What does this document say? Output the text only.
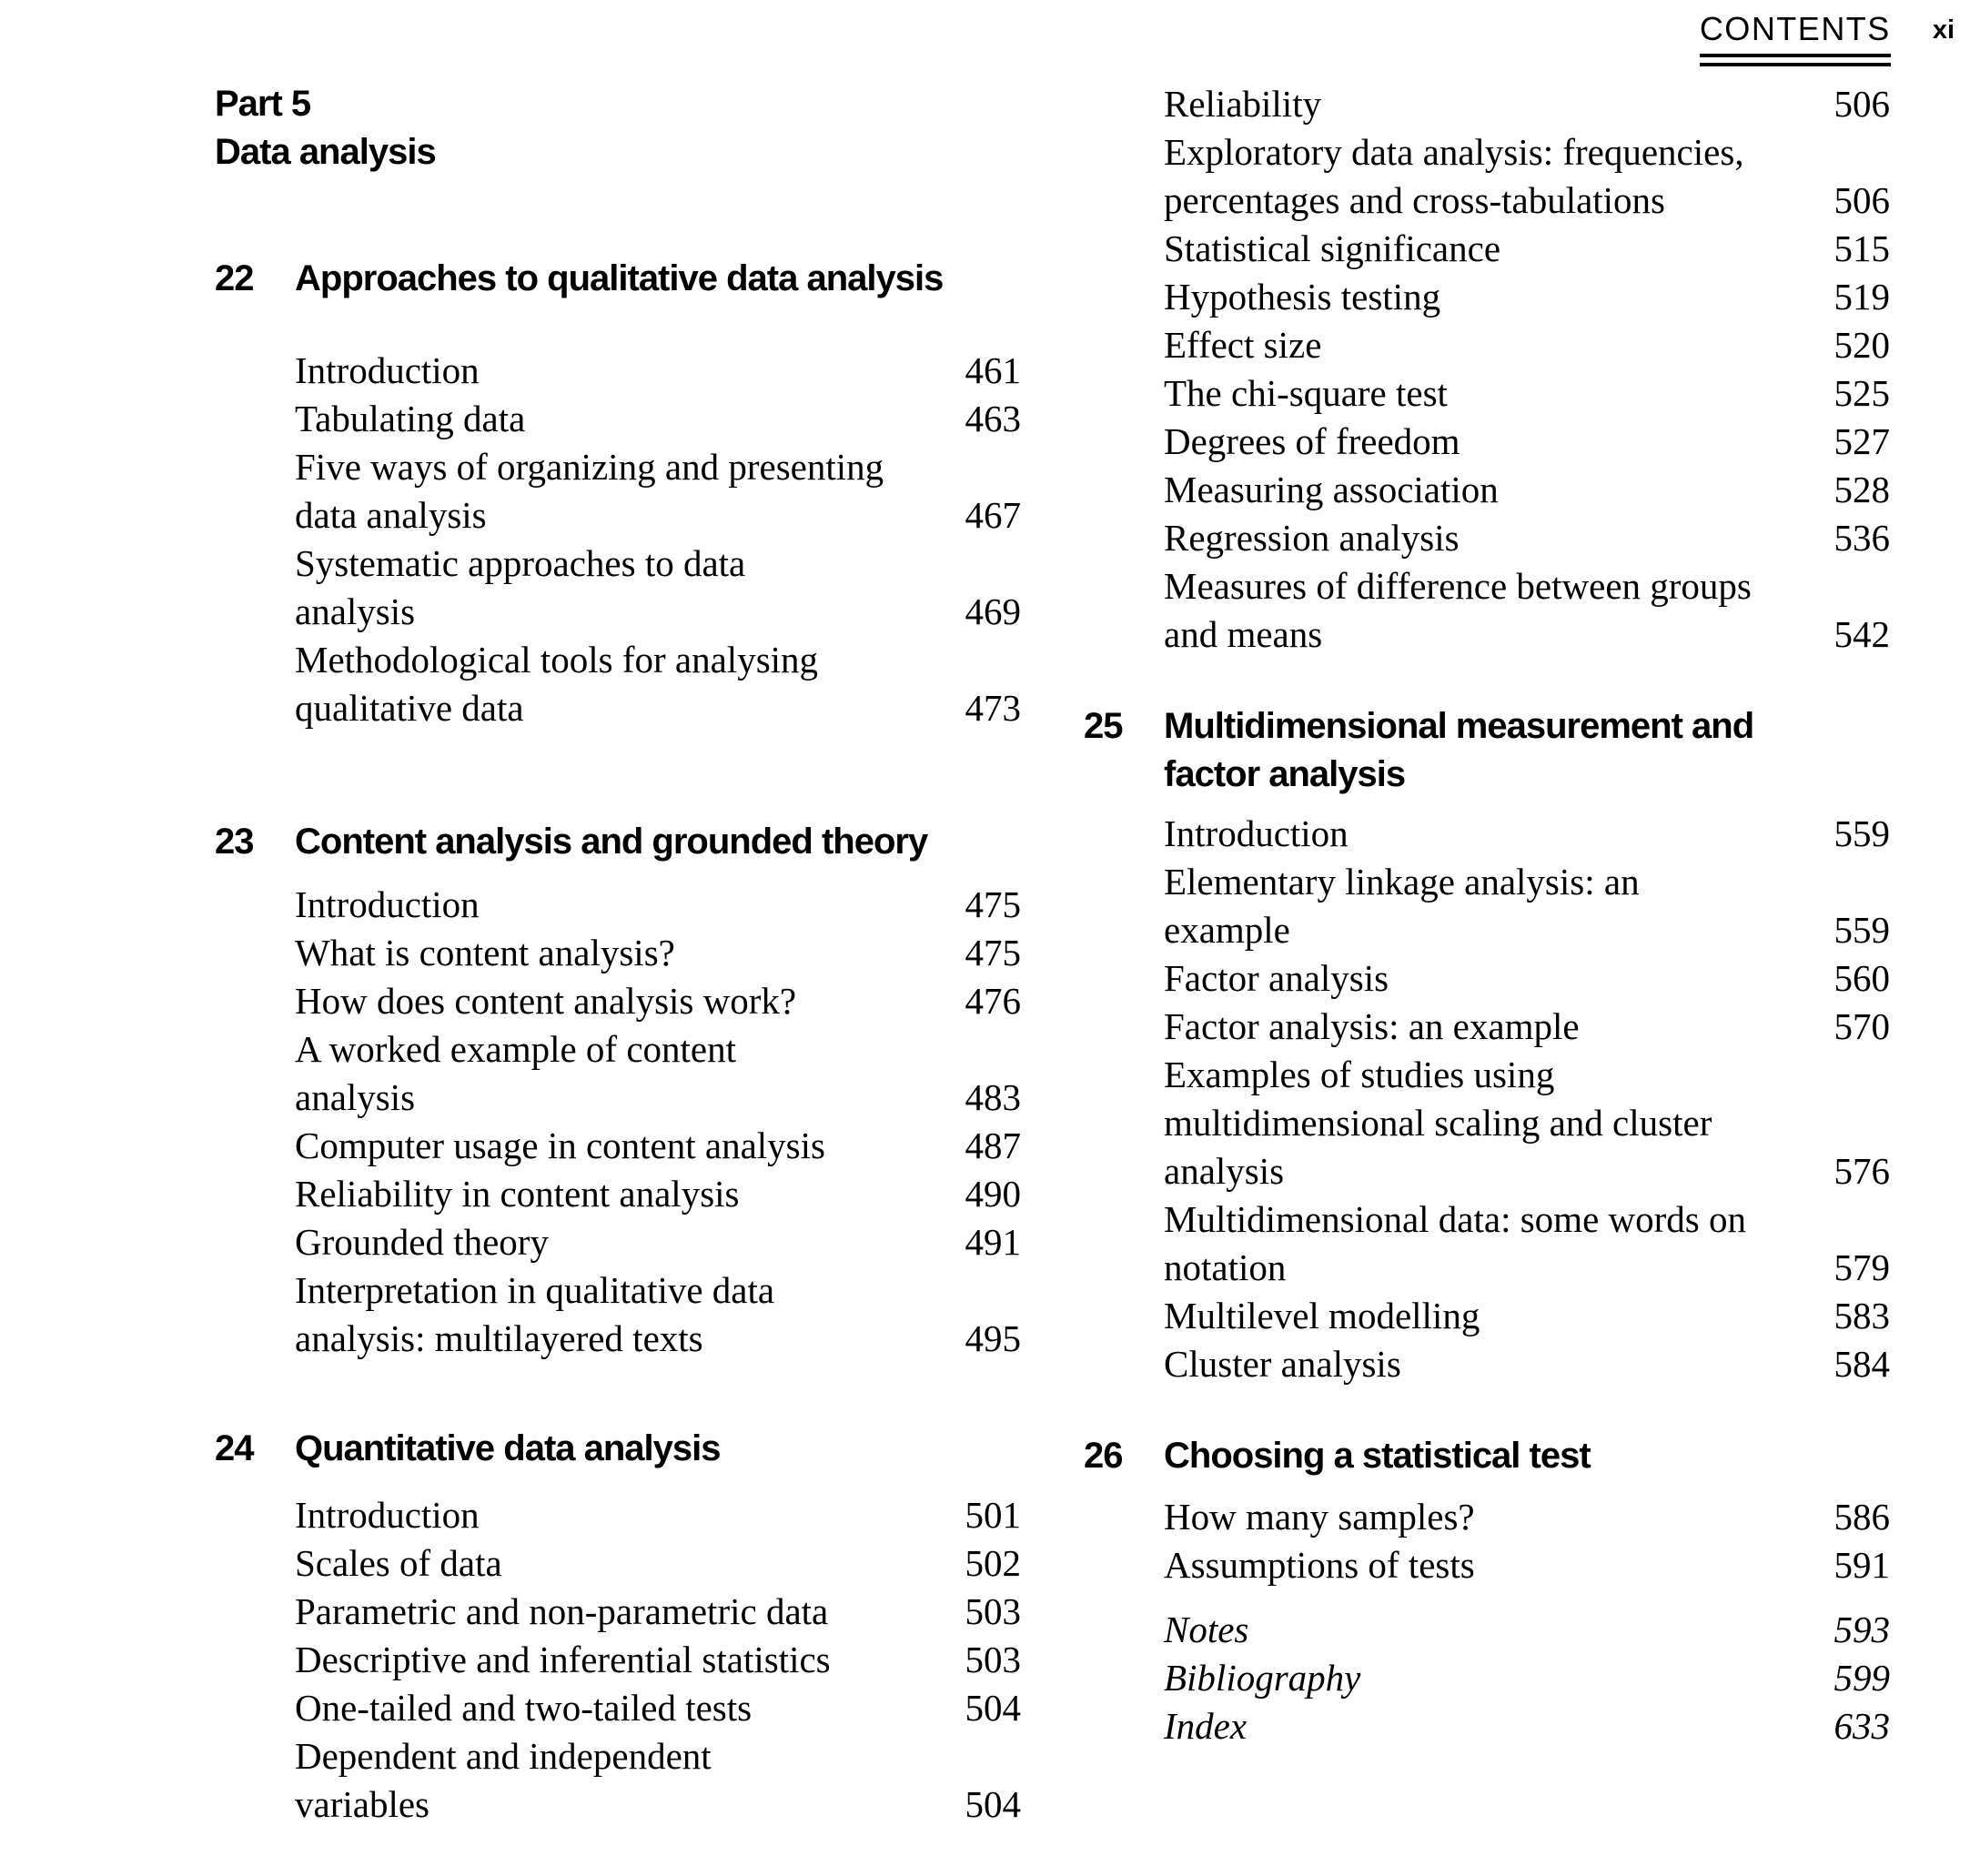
CONTENTS xi
Part 5
Data analysis
22	Approaches to qualitative data analysis
Introduction	461
Tabulating data	463
Five ways of organizing and presenting
data analysis	467
Systematic approaches to data
analysis	469
Methodological tools for analysing
qualitative data	473
23	Content analysis and grounded theory
Introduction	475
What is content analysis?	475
How does content analysis work?	476
A worked example of content
analysis	483
Computer usage in content analysis	487
Reliability in content analysis	490
Grounded theory	491
Interpretation in qualitative data
analysis: multilayered texts	495
24	Quantitative data analysis
Introduction	501
Scales of data	502
Parametric and non-parametric data	503
Descriptive and inferential statistics	503
One-tailed and two-tailed tests	504
Dependent and independent
variables	504
Reliability	506
Exploratory data analysis: frequencies,
percentages and cross-tabulations	506
Statistical significance	515
Hypothesis testing	519
Effect size	520
The chi-square test	525
Degrees of freedom	527
Measuring association	528
Regression analysis	536
Measures of difference between groups
and means	542
25	Multidimensional measurement and
factor analysis
Introduction	559
Elementary linkage analysis: an
example	559
Factor analysis	560
Factor analysis: an example	570
Examples of studies using
multidimensional scaling and cluster
analysis	576
Multidimensional data: some words on
notation	579
Multilevel modelling	583
Cluster analysis	584
26	Choosing a statistical test
How many samples?	586
Assumptions of tests	591
Notes	593
Bibliography	599
Index	633
